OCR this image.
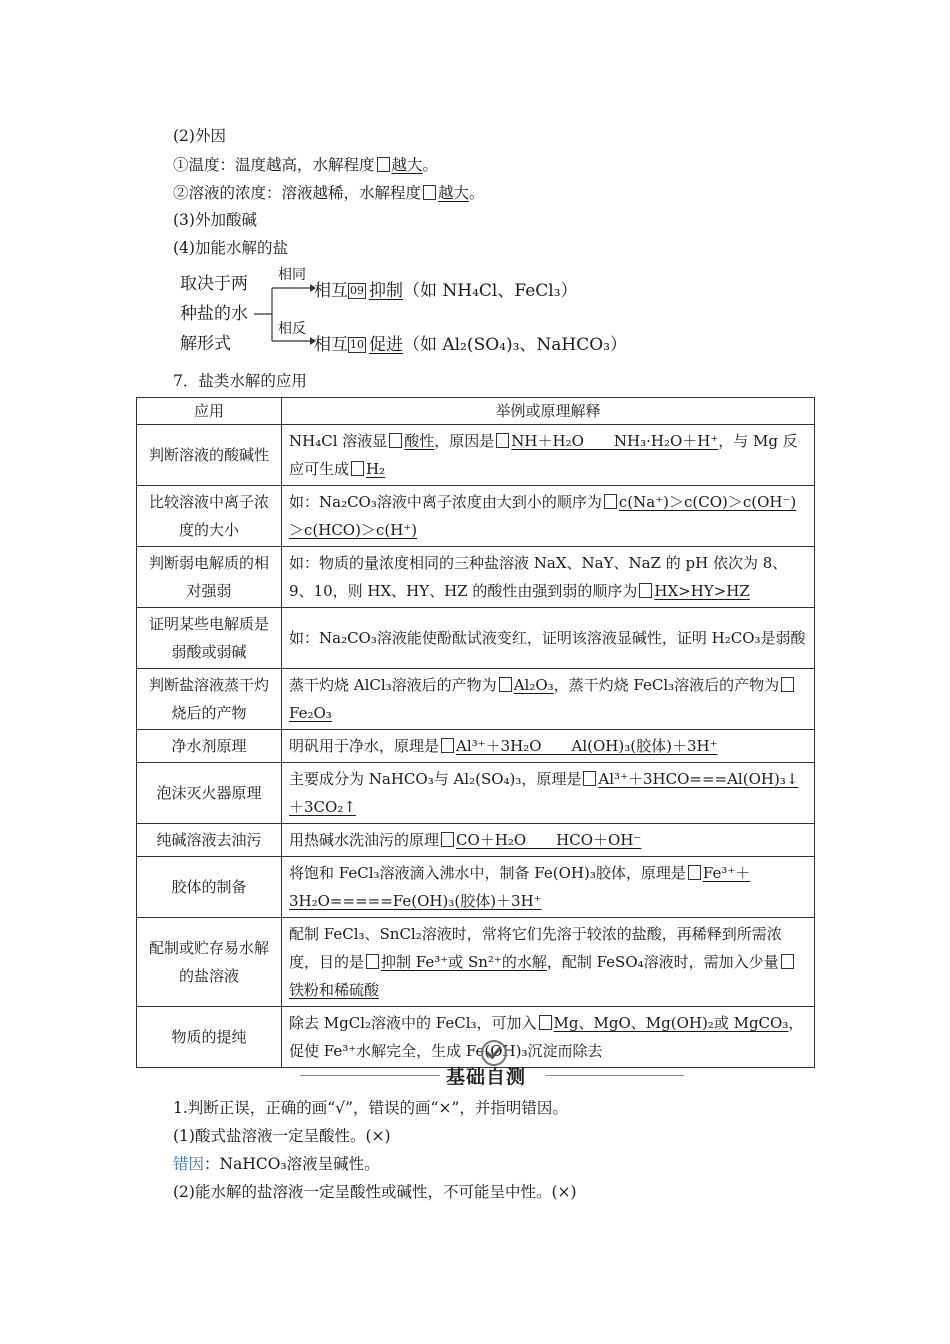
(2)外因
①温度：温度越高，水解程度 越大。
②溶液的浓度：溶液越稀，水解程度 越大。
(3)外加酸碱
(4)加能水解的盐
取决于两
种盐的水
解形式
相同
相反
相互 09 抑制（如 NH₄Cl、FeCl₃）
相互 10 促进（如 Al₂(SO₄)₃、NaHCO₃）
7．盐类水解的应用
应用	举例或原理解释
判断溶液的酸碱性	NH₄Cl 溶液显 酸性，原因是 NH＋H₂O　　NH₃·H₂O＋H⁺，与 Mg 反应可生成 H₂
比较溶液中离子浓度的大小	如：Na₂CO₃溶液中离子浓度由大到小的顺序为 c(Na⁺)＞c(CO)＞c(OH⁻)＞c(HCO)＞c(H⁺)
判断弱电解质的相对强弱	如：物质的量浓度相同的三种盐溶液 NaX、NaY、NaZ 的 pH 依次为 8、9、10，则 HX、HY、HZ 的酸性由强到弱的顺序为 HX>HY>HZ
证明某些电解质是弱酸或弱碱	如：Na₂CO₃溶液能使酚酞试液变红，证明该溶液显碱性，证明 H₂CO₃是弱酸
判断盐溶液蒸干灼烧后的产物	蒸干灼烧 AlCl₃溶液后的产物为 Al₂O₃，蒸干灼烧 FeCl₃溶液后的产物为Fe₂O₃
净水剂原理	明矾用于净水，原理是 Al³⁺＋3H₂O　　Al(OH)₃(胶体)＋3H⁺
泡沫灭火器原理	主要成分为 NaHCO₃与 Al₂(SO₄)₃，原理是 Al³⁺＋3HCO===Al(OH)₃↓＋3CO₂↑
纯碱溶液去油污	用热碱水洗油污的原理 CO＋H₂O　　HCO＋OH⁻
胶体的制备	将饱和 FeCl₃溶液滴入沸水中，制备 Fe(OH)₃胶体，原理是 Fe³⁺＋3H₂O=====Fe(OH)₃(胶体)＋3H⁺
配制或贮存易水解的盐溶液	配制 FeCl₃、SnCl₂溶液时，常将它们先溶于较浓的盐酸，再稀释到所需浓度，目的是 抑制 Fe³⁺或 Sn²⁺的水解，配制 FeSO₄溶液时，需加入少量铁粉和稀硫酸
物质的提纯	除去 MgCl₂溶液中的 FeCl₃，可加入 Mg、MgO、Mg(OH)₂或 MgCO₃，促使 Fe³⁺水解完全，生成 Fe(OH)₃沉淀而除去
基础自测
1.判断正误，正确的画“√”，错误的画“×”，并指明错因。
(1)酸式盐溶液一定呈酸性。(×)
错因：NaHCO₃溶液呈碱性。
(2)能水解的盐溶液一定呈酸性或碱性，不可能呈中性。(×)
